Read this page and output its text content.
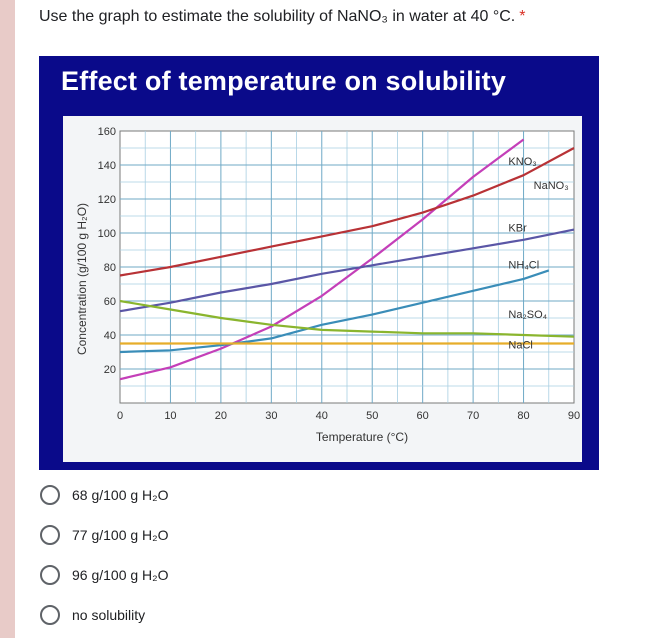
Use the graph to estimate the solubility of NaNO₃ in water at 40 °C. *
Effect of temperature on solubility
20
40
60
80
100
120
140
160
0	10	20	30	40	50	60	70	80	90
Temperature (°C)
Concentration (g/100 g H₂O)
KNO₃
NaNO₃
KBr
NH₄Cl
Na₂SO₄
NaCl
68 g/100 g H₂O
77 g/100 g H₂O
96 g/100 g H₂O
no solubility
